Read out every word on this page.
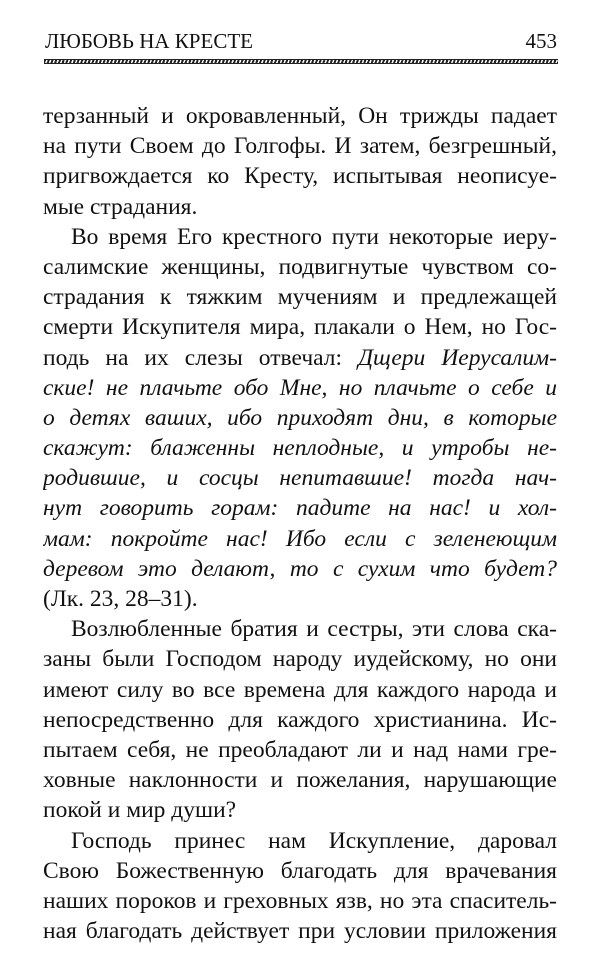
ЛЮБОВЬ НА КРЕСТЕ	453
терзанный и окровавленный, Он трижды падает
на пути Своем до Голгофы. И затем, безгрешный,
пригвождается ко Кресту, испытывая неописуе-
мые страдания.
Во время Его крестного пути некоторые иеру-
салимские женщины, подвигнутые чувством со-
страдания к тяжким мучениям и предлежащей
смерти Искупителя мира, плакали о Нем, но Гос-
подь на их слезы отвечал: Дщери Иерусалим-
ские! не плачьте обо Мне, но плачьте о себе и
о детях ваших, ибо приходят дни, в которые
скажут: блаженны неплодные, и утробы не-
родившие, и сосцы непитавшие! тогда нач-
нут говорить горам: падите на нас! и хол-
мам: покройте нас! Ибо если с зеленеющим
деревом это делают, то с сухим что будет?
(Лк. 23, 28–31).
Возлюбленные братия и сестры, эти слова ска-
заны были Господом народу иудейскому, но они
имеют силу во все времена для каждого народа и
непосредственно для каждого христианина. Ис-
пытаем себя, не преобладают ли и над нами гре-
ховные наклонности и пожелания, нарушающие
покой и мир души?
Господь принес нам Искупление, даровал
Свою Божественную благодать для врачевания
наших пороков и греховных язв, но эта спаситель-
ная благодать действует при условии приложения
